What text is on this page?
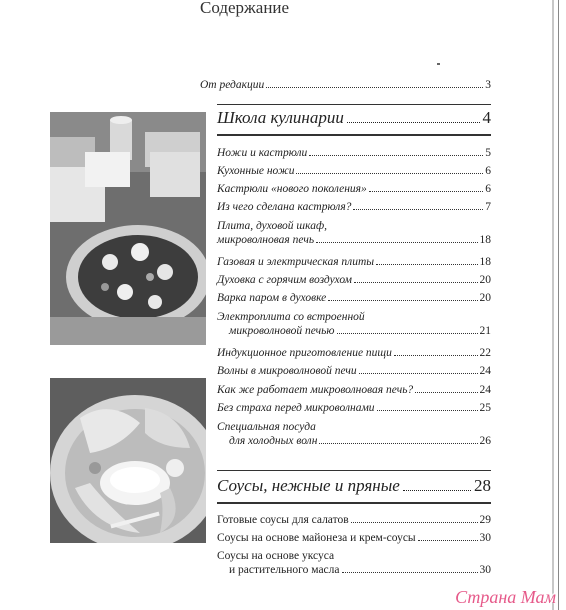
Содержание
От редакции	3
Школа кулинарии	4
Ножи и кастрюли	5
Кухонные ножи	6
Кастрюли «нового поколения»	6
Из чего сделана кастрюля?	7
Плита, духовой шкаф,
микроволновая печь	18
Газовая и электрическая плиты	18
Духовка с горячим воздухом	20
Варка паром в духовке	20
Электроплита со встроенной
микроволновой печью	21
Индукционное приготовление пищи	22
Волны в микроволновой печи	24
Как же работает микроволновая печь?	24
Без страха перед микроволнами	25
Специальная посуда
для холодных волн	26
Соусы, нежные и пряные	28
Готовые соусы для салатов	29
Соусы на основе майонеза и крем-соусы	30
Соусы на основе уксуса
и растительного масла	30
Страна Мам
